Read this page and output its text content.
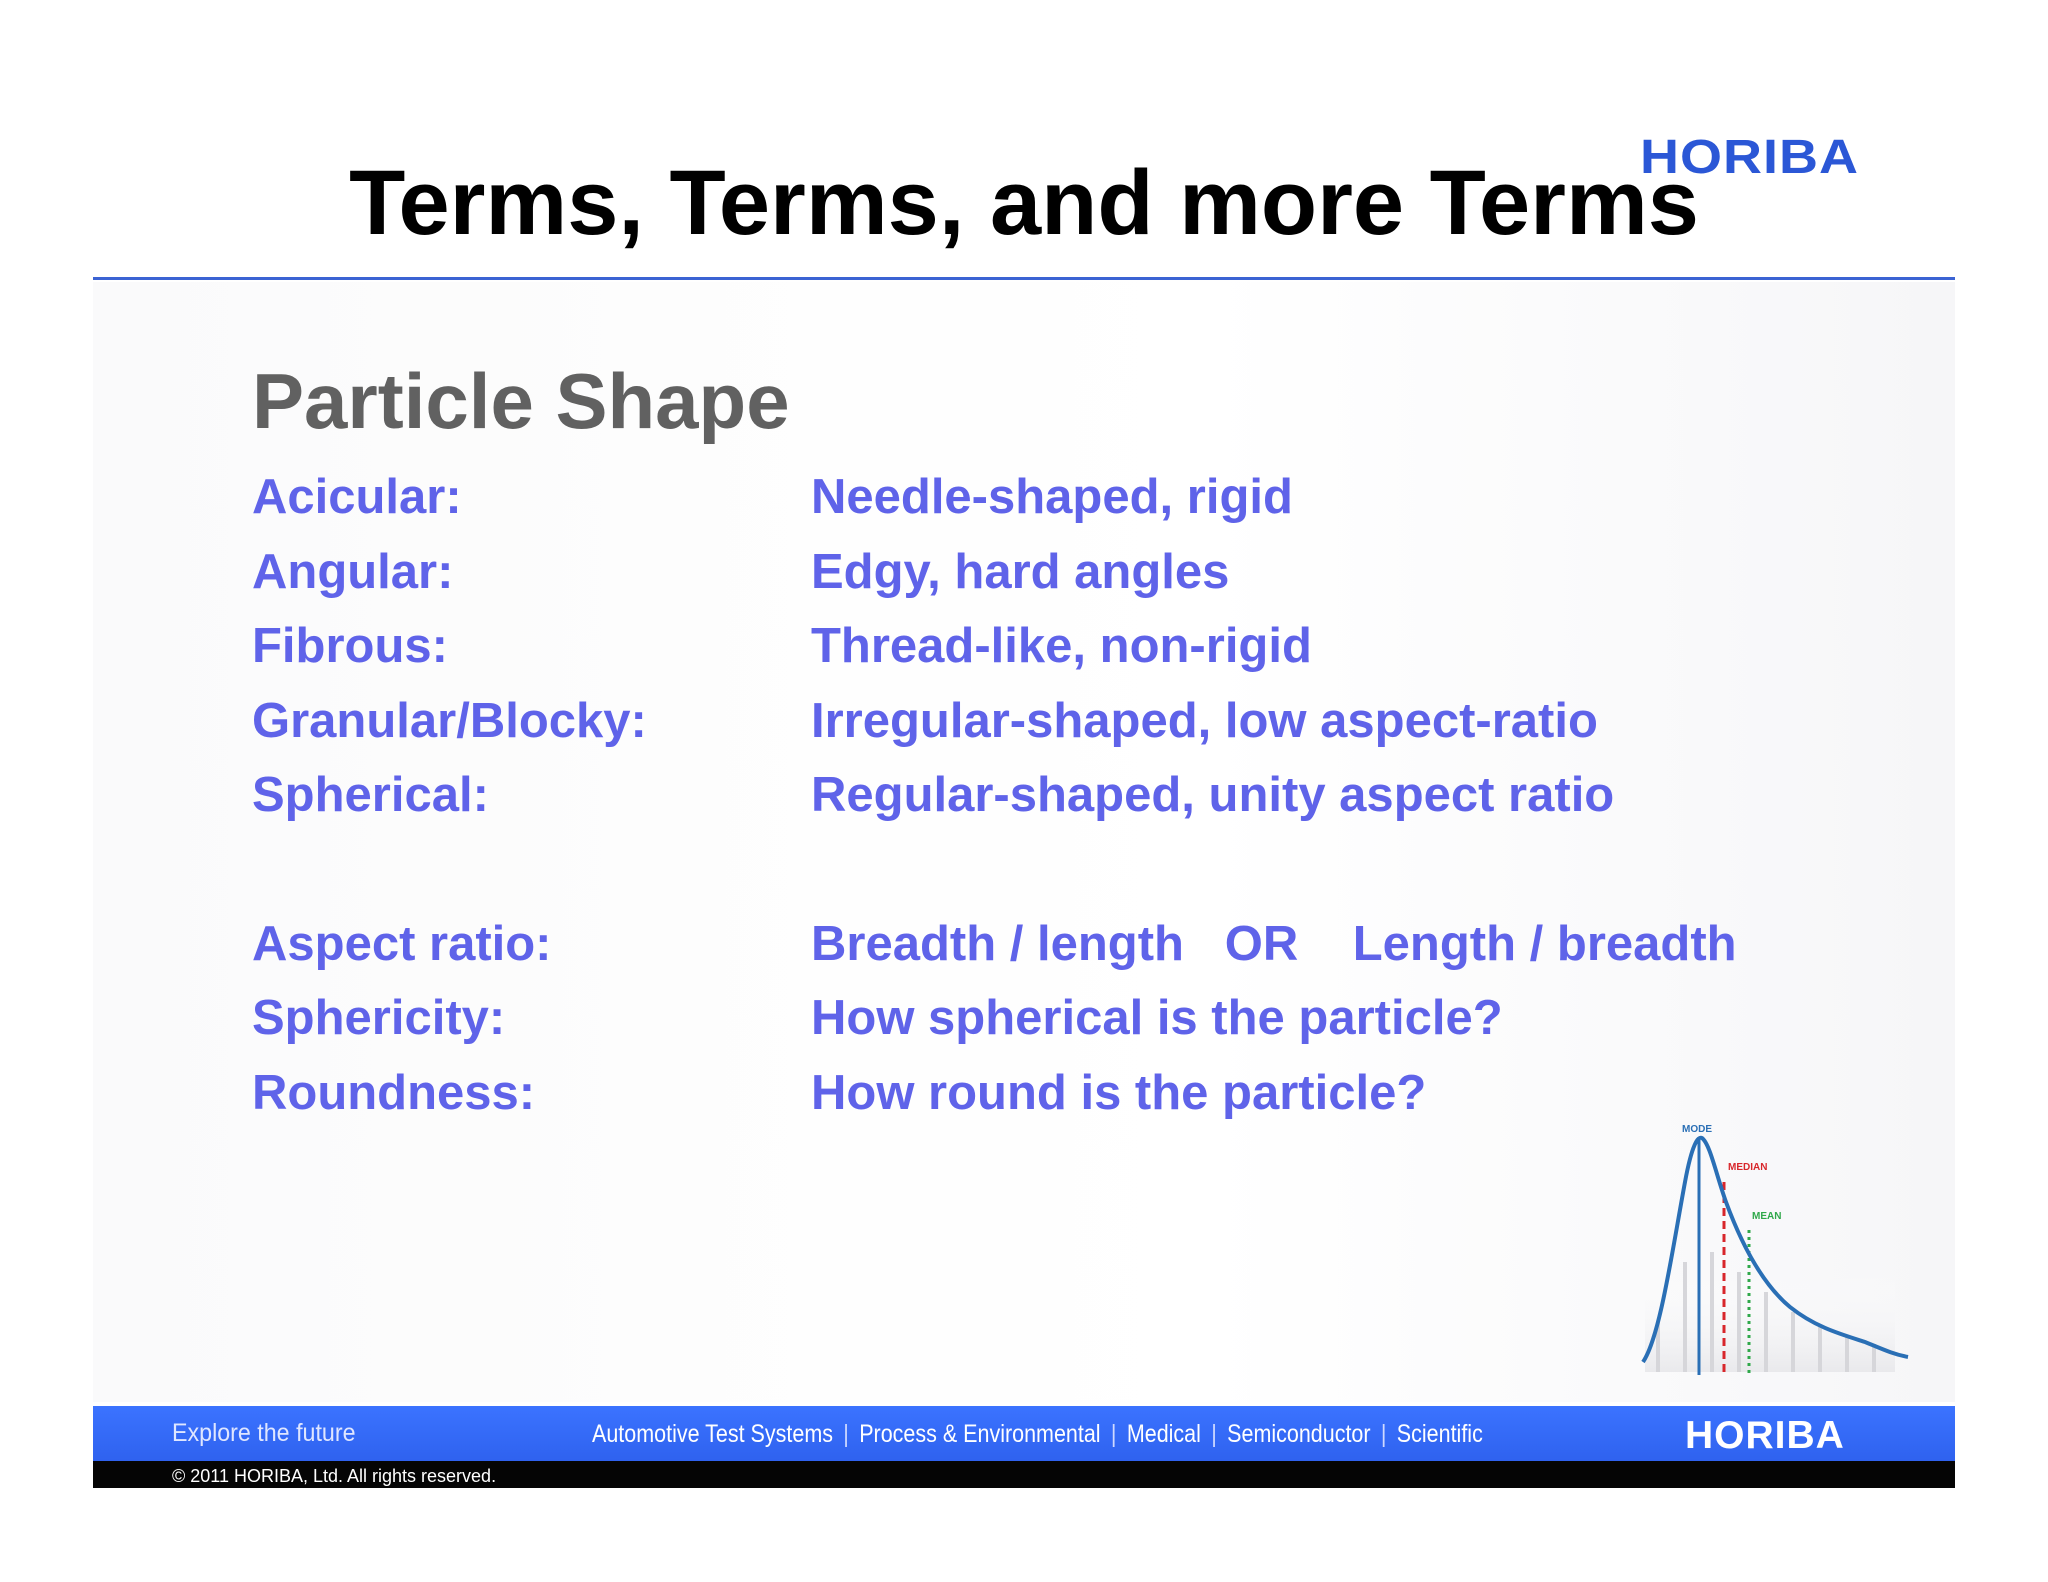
HORIBA
Terms, Terms, and more Terms
Particle Shape
Acicular:	Needle-shaped, rigid
Angular:	Edgy, hard angles
Fibrous:	Thread-like, non-rigid
Granular/Blocky:	Irregular-shaped, low aspect-ratio
Spherical:	Regular-shaped, unity aspect ratio
Aspect ratio:	Breadth / length   OR    Length / breadth
Sphericity:	How spherical is the particle?
Roundness:	How round is the particle?
MODE
MEDIAN
MEAN
Explore the future	Automotive Test Systems | Process & Environmental | Medical | Semiconductor | Scientific	HORIBA
© 2011 HORIBA, Ltd. All rights reserved.
